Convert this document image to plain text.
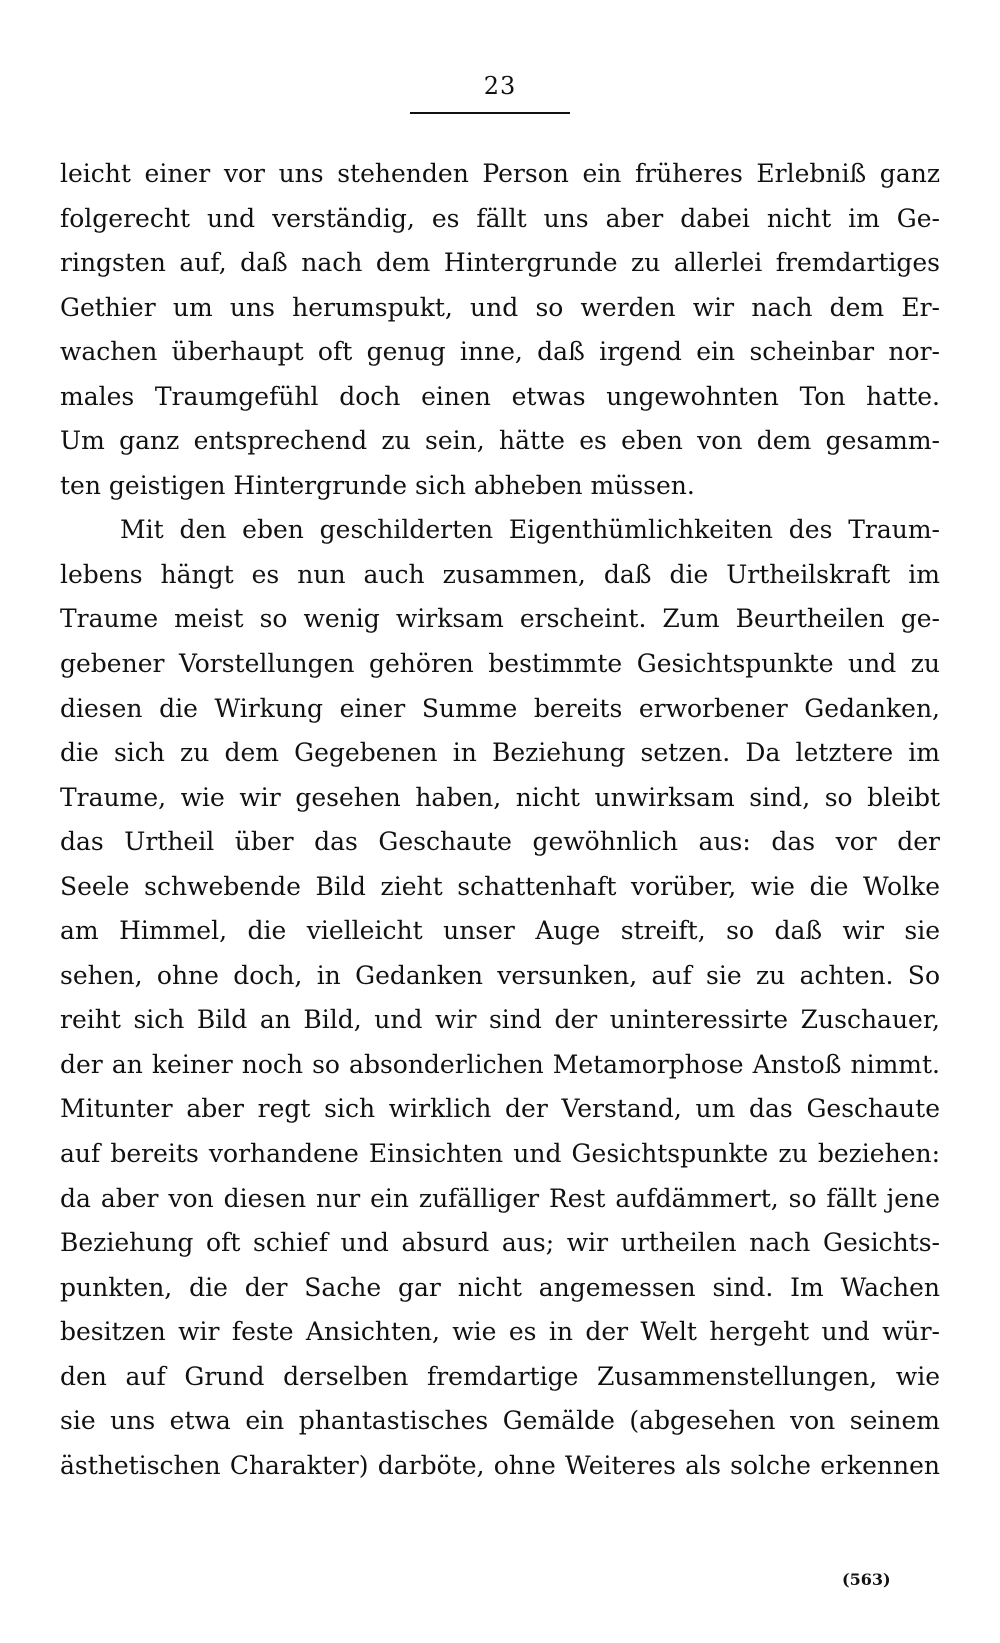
23
leicht einer vor uns stehenden Person ein früheres Erlebniß ganz
folgerecht und verständig, es fällt uns aber dabei nicht im Ge-
ringsten auf, daß nach dem Hintergrunde zu allerlei fremdartiges
Gethier um uns herumspukt, und so werden wir nach dem Er-
wachen überhaupt oft genug inne, daß irgend ein scheinbar nor-
males Traumgefühl doch einen etwas ungewohnten Ton hatte.
Um ganz entsprechend zu sein, hätte es eben von dem gesamm-
ten geistigen Hintergrunde sich abheben müssen.
Mit den eben geschilderten Eigenthümlichkeiten des Traum-
lebens hängt es nun auch zusammen, daß die Urtheilskraft im
Traume meist so wenig wirksam erscheint. Zum Beurtheilen ge-
gebener Vorstellungen gehören bestimmte Gesichtspunkte und zu
diesen die Wirkung einer Summe bereits erworbener Gedanken,
die sich zu dem Gegebenen in Beziehung setzen. Da letztere im
Traume, wie wir gesehen haben, nicht unwirksam sind, so bleibt
das Urtheil über das Geschaute gewöhnlich aus: das vor der
Seele schwebende Bild zieht schattenhaft vorüber, wie die Wolke
am Himmel, die vielleicht unser Auge streift, so daß wir sie
sehen, ohne doch, in Gedanken versunken, auf sie zu achten. So
reiht sich Bild an Bild, und wir sind der uninteressirte Zuschauer,
der an keiner noch so absonderlichen Metamorphose Anstoß nimmt.
Mitunter aber regt sich wirklich der Verstand, um das Geschaute
auf bereits vorhandene Einsichten und Gesichtspunkte zu beziehen:
da aber von diesen nur ein zufälliger Rest aufdämmert, so fällt jene
Beziehung oft schief und absurd aus; wir urtheilen nach Gesichts-
punkten, die der Sache gar nicht angemessen sind. Im Wachen
besitzen wir feste Ansichten, wie es in der Welt hergeht und wür-
den auf Grund derselben fremdartige Zusammenstellungen, wie
sie uns etwa ein phantastisches Gemälde (abgesehen von seinem
ästhetischen Charakter) darböte, ohne Weiteres als solche erkennen
(563)
